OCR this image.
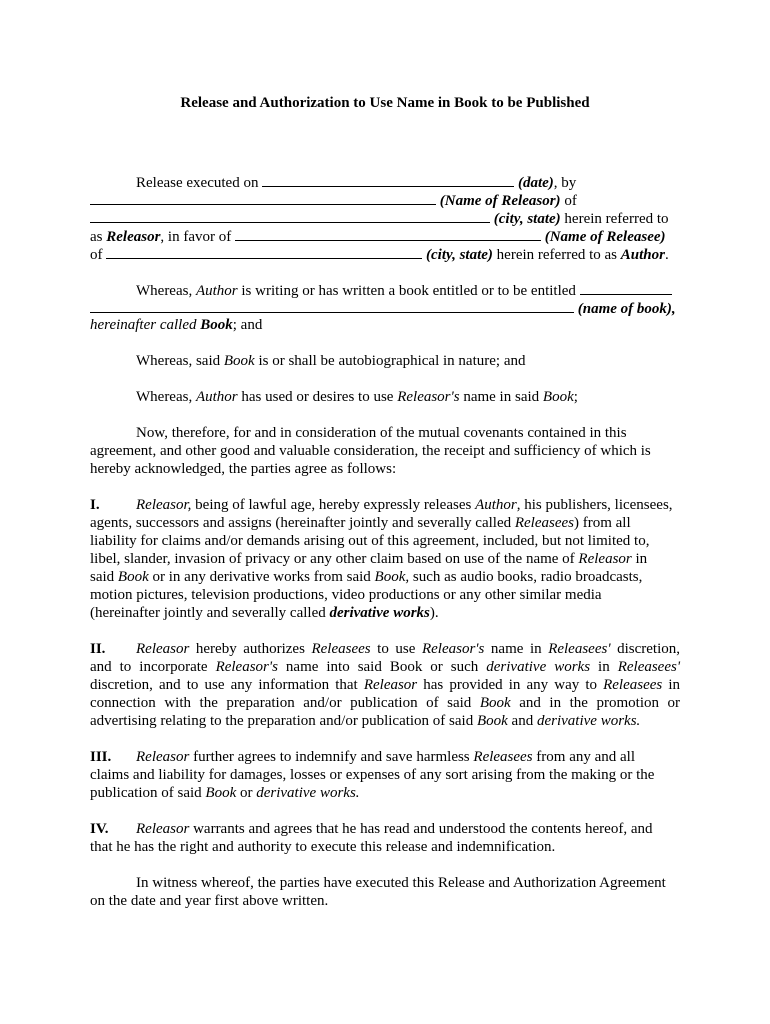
Release and Authorization to Use Name in Book to be Published
Release executed on	(date), by
(Name of Releasor) of
(city, state) herein referred to
as Releasor, in favor of	(Name of Releasee)
of	(city, state) herein referred to as Author.
Whereas, Author is writing or has written a book entitled or to be entitled
(name of book),
hereinafter called Book; and
Whereas, said Book is or shall be autobiographical in nature; and
Whereas, Author has used or desires to use Releasor's name in said Book;
Now, therefore, for and in consideration of the mutual covenants contained in this
agreement, and other good and valuable consideration, the receipt and sufficiency of which is
hereby acknowledged, the parties agree as follows:
I. Releasor, being of lawful age, hereby expressly releases Author, his publishers, licensees,
agents, successors and assigns (hereinafter jointly and severally called Releasees) from all
liability for claims and/or demands arising out of this agreement, included, but not limited to,
libel, slander, invasion of privacy or any other claim based on use of the name of Releasor in
said Book or in any derivative works from said Book, such as audio books, radio broadcasts,
motion pictures, television productions, video productions or any other similar media
(hereinafter jointly and severally called derivative works).
II. Releasor hereby authorizes Releasees to use Releasor's name in Releasees' discretion,
and to incorporate Releasor's name into said Book or such derivative works in Releasees'
discretion, and to use any information that Releasor has provided in any way to Releasees in
connection with the preparation and/or publication of said Book and in the promotion or
advertising relating to the preparation and/or publication of said Book and derivative works.
III. Releasor further agrees to indemnify and save harmless Releasees from any and all
claims and liability for damages, losses or expenses of any sort arising from the making or the
publication of said Book or derivative works.
IV. Releasor warrants and agrees that he has read and understood the contents hereof, and
that he has the right and authority to execute this release and indemnification.
In witness whereof, the parties have executed this Release and Authorization Agreement
on the date and year first above written.
